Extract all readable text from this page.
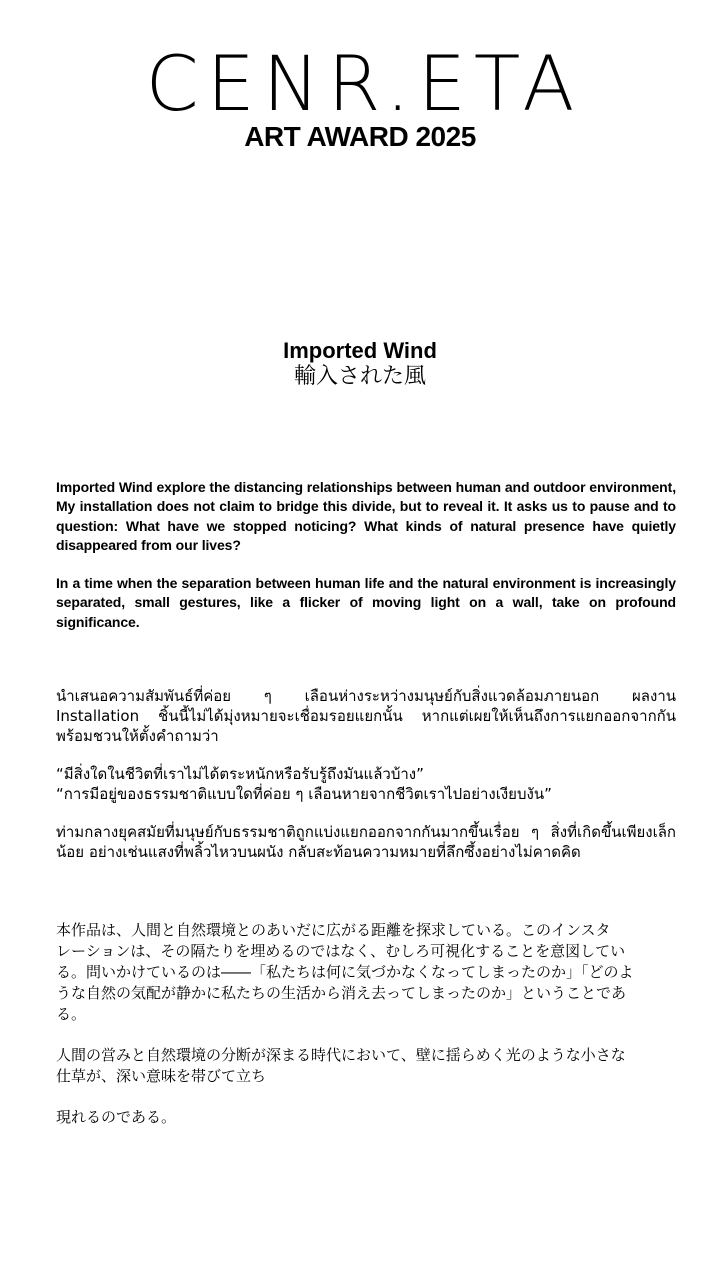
CENR.ETA
ART AWARD 2025
Imported Wind
輸入された風

Imported Wind explore the distancing relationships between human and outdoor environment, My installation does not claim to bridge this divide, but to reveal it. It asks us to pause and to question: What have we stopped noticing? What kinds of natural presence have quietly disappeared from our lives?

In a time when the separation between human life and the natural environment is increasingly separated, small gestures, like a flicker of moving light on a wall, take on profound significance.

นำเสนอความสัมพันธ์ที่ค่อย ๆ เลือนห่างระหว่างมนุษย์กับสิ่งแวดล้อมภายนอก ผลงาน Installation ชิ้นนี้ไม่ได้มุ่งหมายจะเชื่อมรอยแยกนั้น หากแต่เผยให้เห็นถึงการแยกออกจากกัน พร้อมชวนให้ตั้งคำถามว่า

“มีสิ่งใดในชีวิตที่เราไม่ได้ตระหนักหรือรับรู้ถึงมันแล้วบ้าง”
“การมีอยู่ของธรรมชาติแบบใดที่ค่อย ๆ เลือนหายจากชีวิตเราไปอย่างเงียบงัน”

ท่ามกลางยุคสมัยที่มนุษย์กับธรรมชาติถูกแบ่งแยกออกจากกันมากขึ้นเรื่อย ๆ สิ่งที่เกิดขึ้นเพียงเล็กน้อย อย่างเช่นแสงที่พลิ้วไหวบนผนัง กลับสะท้อนความหมายที่ลึกซึ้งอย่างไม่คาดคิด

本作品は、人間と自然環境とのあいだに広がる距離を探求している。このインスタ
レーションは、その隔たりを埋めるのではなく、むしろ可視化することを意図してい
る。問いかけているのは――「私たちは何に気づかなくなってしまったのか」「どのよ
うな自然の気配が静かに私たちの生活から消え去ってしまったのか」ということであ
る。
人間の営みと自然環境の分断が深まる時代において、壁に揺らめく光のような小さな
仕草が、深い意味を帯びて立ち

現れるのである。
